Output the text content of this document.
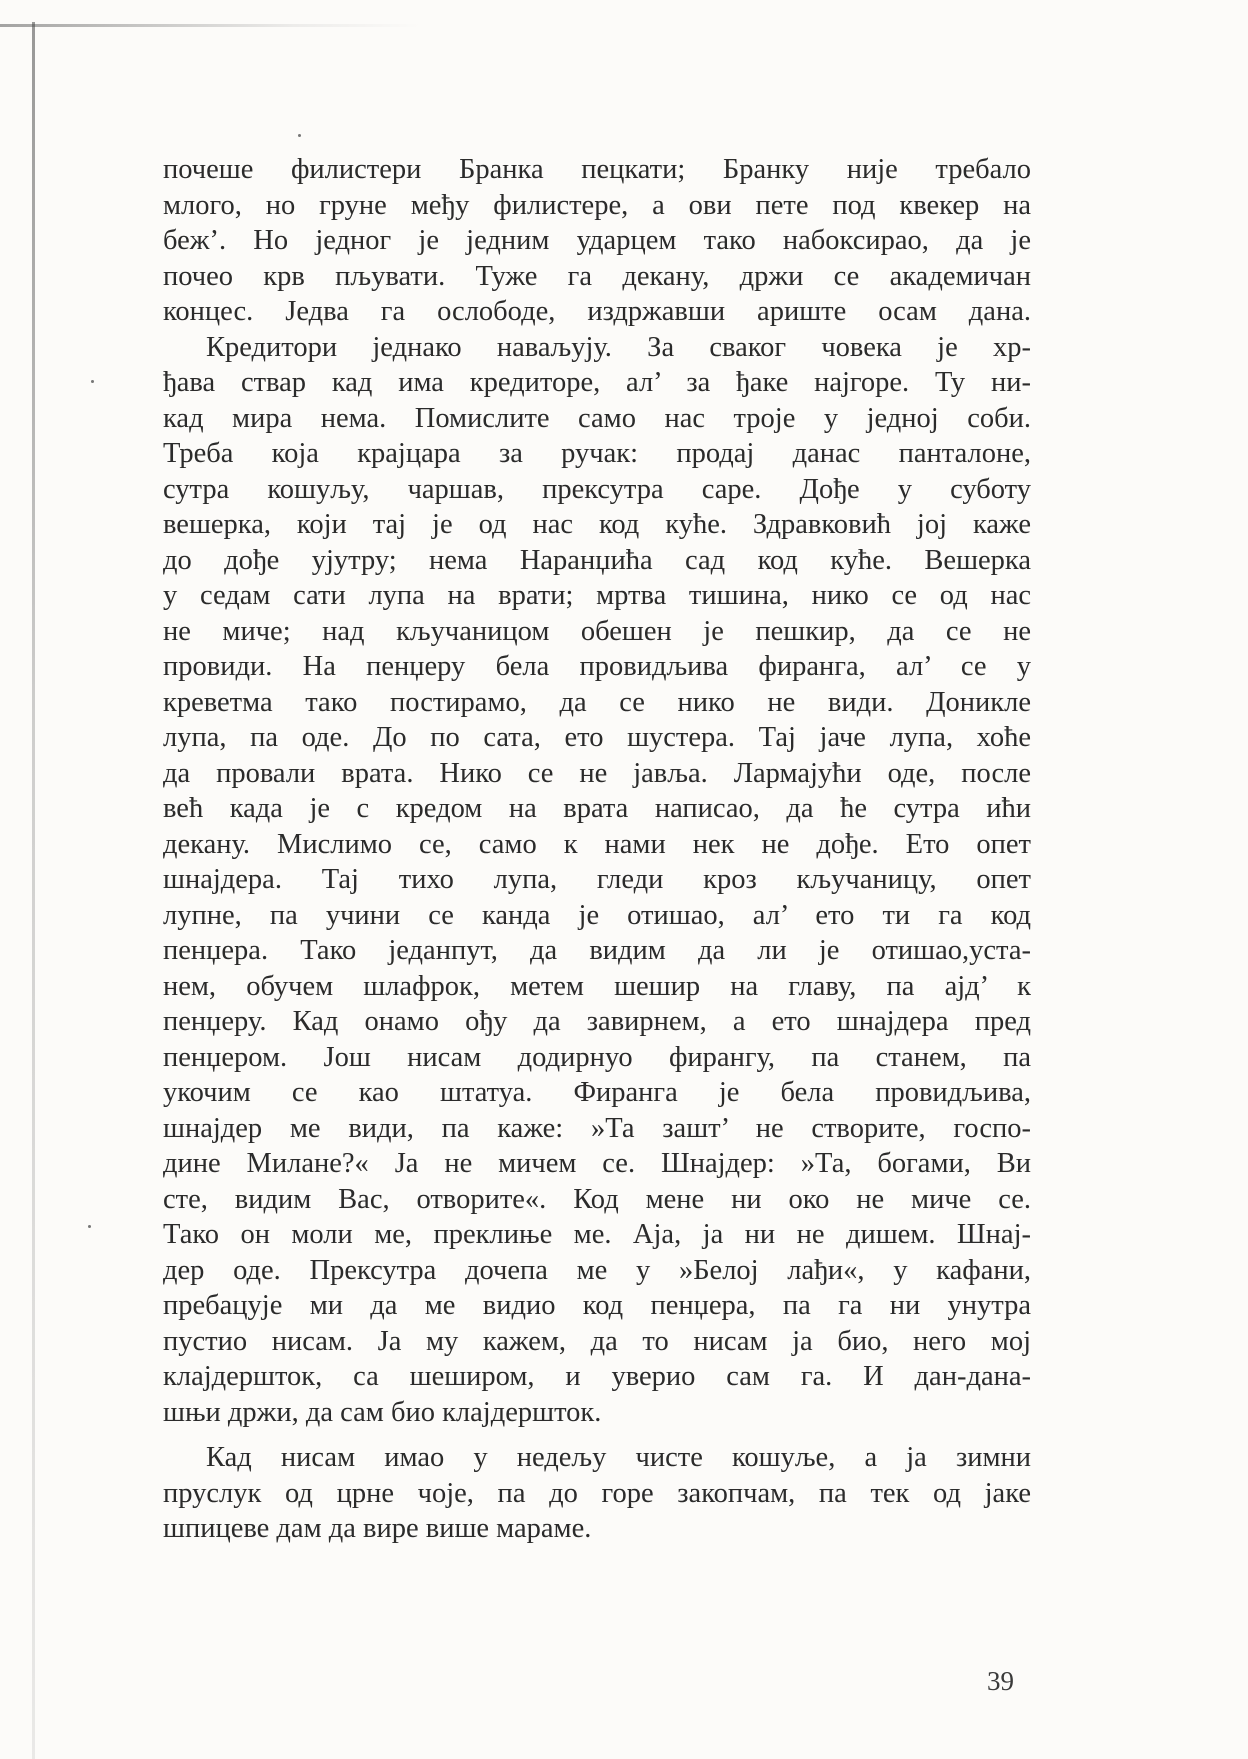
почеше филистери Бранка пецкати; Бранку није требало
млого, но груне међу филистере, а ови пете под квекер на
беж’. Но једног је једним ударцем тако набоксирао, да је
почео крв пљувати. Туже га декану, држи се академичан
концес. Једва га ослободе, издржавши ариште осам дана.
Кредитори једнако наваљују. За сваког човека је хр-
ђава ствар кад има кредиторе, ал’ за ђаке најгоре. Ту ни-
кад мира нема. Помислите само нас троје у једној соби.
Треба која крајцара за ручак: продај данас панталоне,
сутра кошуљу, чаршав, прексутра саре. Дође у суботу
вешерка, који тај је од нас код куће. Здравковић јој каже
до дође ујутру; нема Наранџића сад код куће. Вешерка
у седам сати лупа на врати; мртва тишина, нико се од нас
не миче; над кључаницом обешен је пешкир, да се не
провиди. На пенџеру бела провидљива фиранга, ал’ се у
креветма тако постирамо, да се нико не види. Доникле
лупа, па оде. До по сата, ето шустера. Тај јаче лупа, хоће
да провали врата. Нико се не јавља. Лармајући оде, после
већ када је с кредом на врата написао, да ће сутра ићи
декану. Мислимо се, само к нами нек не дође. Ето опет
шнајдера. Тај тихо лупа, гледи кроз кључаницу, опет
лупне, па учини се канда је отишао, ал’ ето ти га код
пенџера. Тако једанпут, да видим да ли је отишао,уста-
нем, обучем шлафрок, метем шешир на главу, па ајд’ к
пенџеру. Кад онамо ођу да завирнем, а ето шнајдера пред
пенџером. Још нисам додирнуо фирангу, па станем, па
укочим се као штатуа. Фиранга је бела провидљива,
шнајдер ме види, па каже: »Та зашт’ не створите, госпо-
дине Милане?« Ја не мичем се. Шнајдер: »Та, богами, Ви
сте, видим Вас, отворите«. Код мене ни око не миче се.
Тако он моли ме, преклиње ме. Аја, ја ни не дишем. Шнај-
дер оде. Прексутра дочепа ме у »Белој лађи«, у кафани,
пребацује ми да ме видио код пенџера, па га ни унутра
пустио нисам. Ја му кажем, да то нисам ја био, него мој
клајдершток, са шеширом, и уверио сам га. И дан-дана-
шњи држи, да сам био клајдершток.
Кад нисам имао у недељу чисте кошуље, а ја зимни
пруслук од црне чоје, па до горе закопчам, па тек од јаке
шпицеве дам да вире више мараме.
39
